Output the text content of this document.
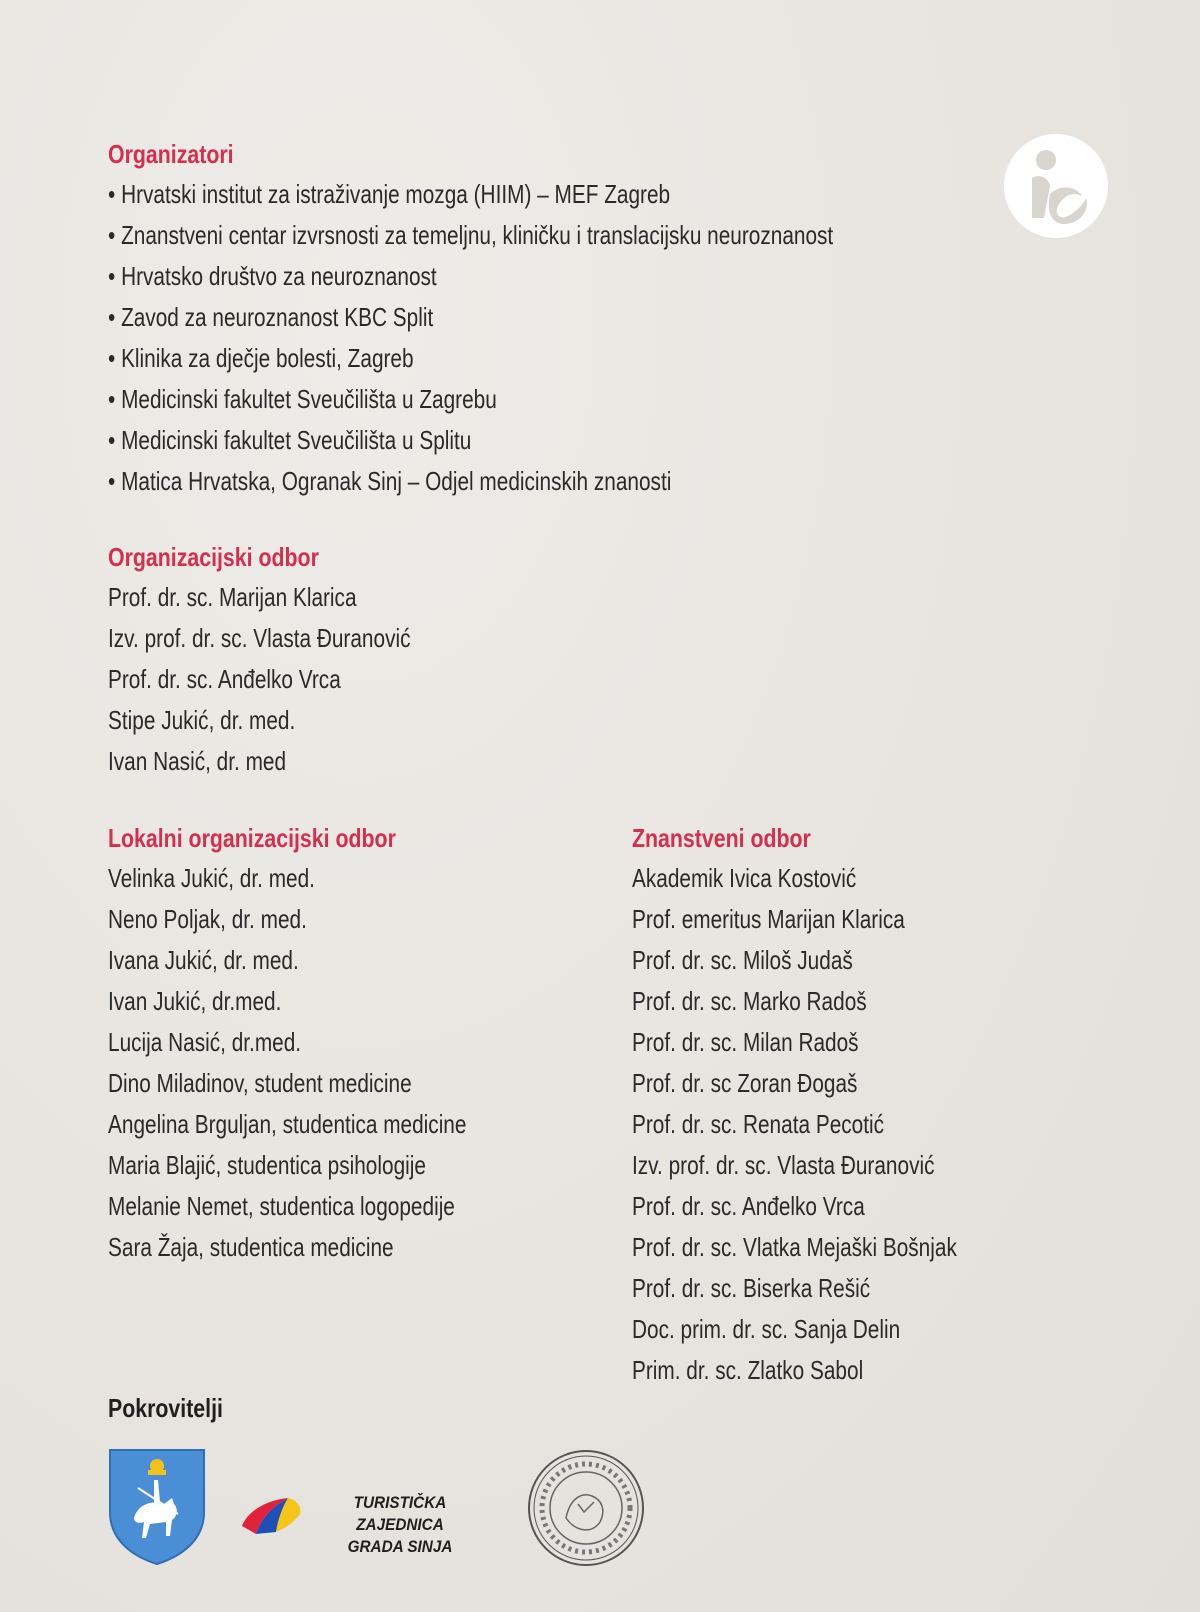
Organizatori
• Hrvatski institut za istraživanje mozga (HIIM) – MEF Zagreb
• Znanstveni centar izvrsnosti za temeljnu, kliničku i translacijsku neuroznanost
• Hrvatsko društvo za neuroznanost
• Zavod za neuroznanost KBC Split
• Klinika za dječje bolesti, Zagreb
• Medicinski fakultet Sveučilišta u Zagrebu
• Medicinski fakultet Sveučilišta u Splitu
• Matica Hrvatska, Ogranak Sinj – Odjel medicinskih znanosti
Organizacijski odbor
Prof. dr. sc. Marijan Klarica
Izv. prof. dr. sc. Vlasta Đuranović
Prof. dr. sc. Anđelko Vrca
Stipe Jukić, dr. med.
Ivan Nasić, dr. med
Lokalni organizacijski odbor
Velinka Jukić, dr. med.
Neno Poljak, dr. med.
Ivana Jukić, dr. med.
Ivan Jukić, dr.med.
Lucija Nasić, dr.med.
Dino Miladinov, student medicine
Angelina Brguljan, studentica medicine
Maria Blajić, studentica psihologije
Melanie Nemet, studentica logopedije
Sara Žaja, studentica medicine
Znanstveni odbor
Akademik Ivica Kostović
Prof. emeritus Marijan Klarica
Prof. dr. sc. Miloš Judaš
Prof. dr. sc. Marko Radoš
Prof. dr. sc. Milan Radoš
Prof. dr. sc Zoran Đogaš
Prof. dr. sc. Renata Pecotić
Izv. prof. dr. sc. Vlasta Đuranović
Prof. dr. sc. Anđelko Vrca
Prof. dr. sc. Vlatka Mejaški Bošnjak
Prof. dr. sc. Biserka Rešić
Doc. prim. dr. sc. Sanja Delin
Prim. dr. sc. Zlatko Sabol
Pokrovitelji
TURISTIČKA ZAJEDNICA
GRADA SINJA
